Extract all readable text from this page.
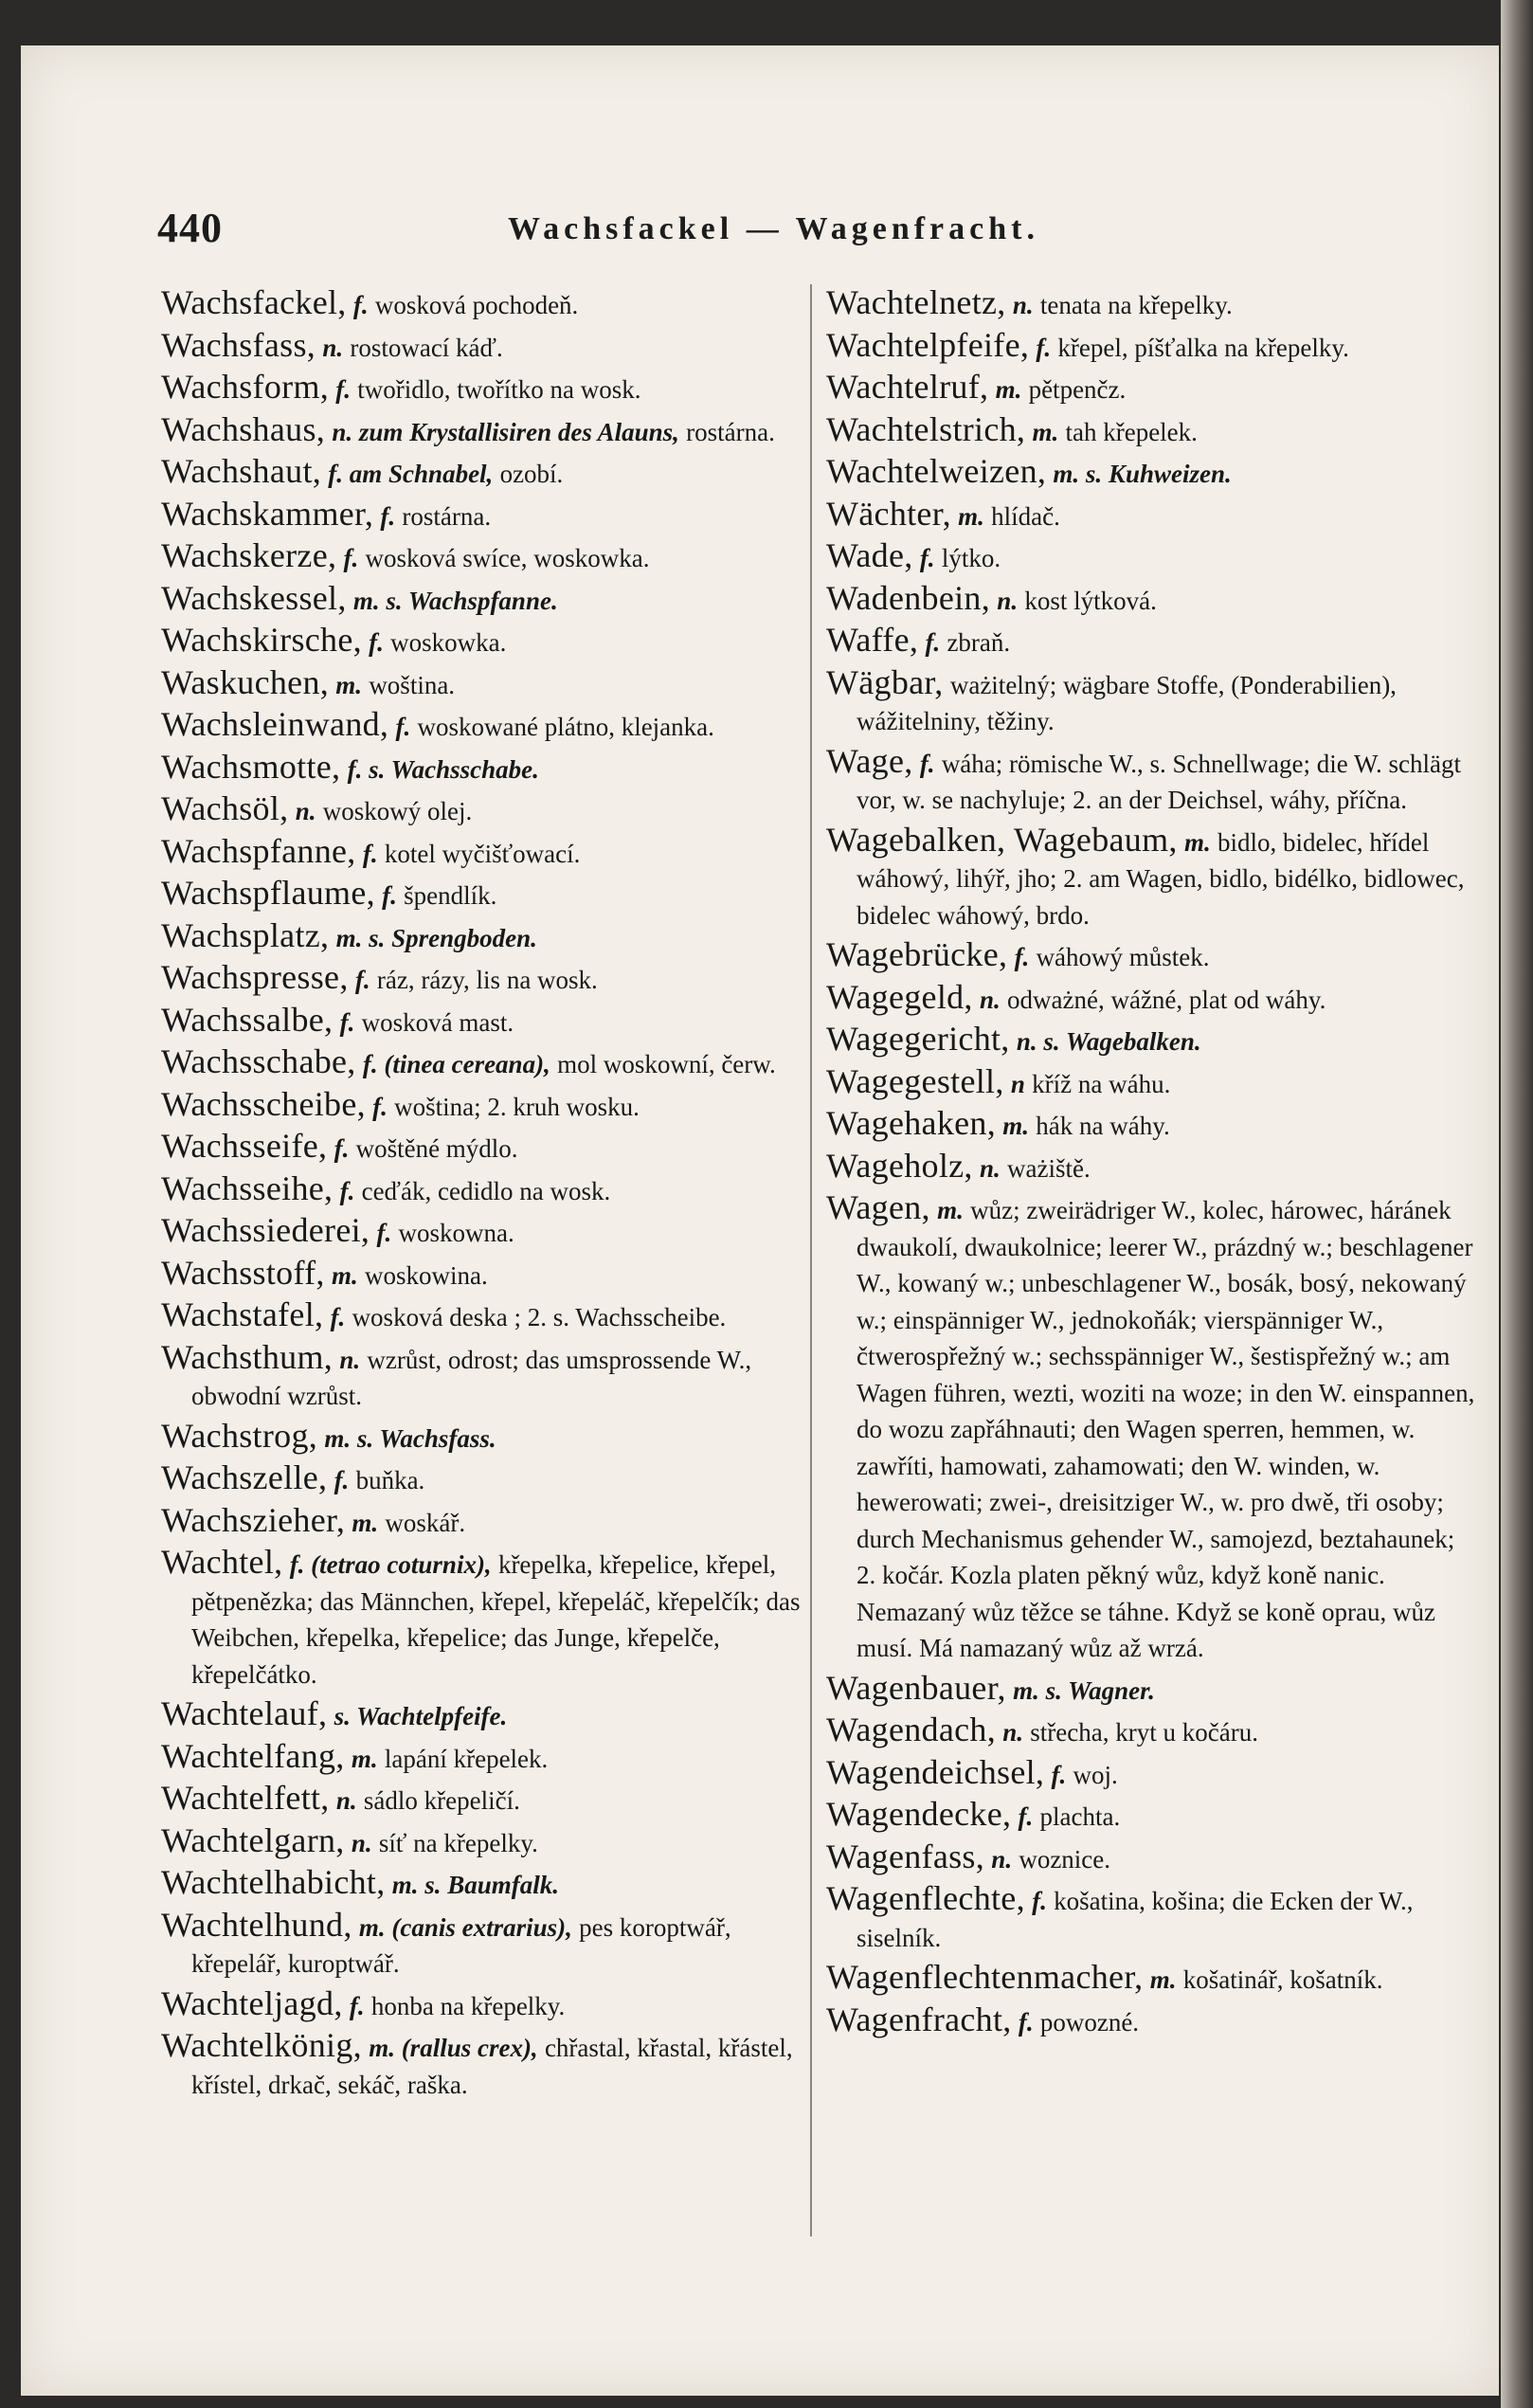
440	Wachsfackel — Wagenfracht.
Wachsfackel, f. wosková pochodeň.
Wachsfass, n. rostowací káď.
Wachsform, f. twořidlo, twořítko na wosk.
Wachshaus, n. zum Krystallisiren des Alauns, rostárna.
Wachshaut, f. am Schnabel, ozobí.
Wachskammer, f. rostárna.
Wachskerze, f. wosková swíce, woskowka.
Wachskessel, m. s. Wachspfanne.
Wachskirsche, f. woskowka.
Waskuchen, m. woština.
Wachsleinwand, f. woskowané plátno, klejanka.
Wachsmotte, f. s. Wachsschabe.
Wachsöl, n. woskowý olej.
Wachspfanne, f. kotel wyčišťowací.
Wachspflaume, f. špendlík.
Wachsplatz, m. s. Sprengboden.
Wachspresse, f. ráz, rázy, lis na wosk.
Wachssalbe, f. wosková mast.
Wachsschabe, f. (tinea cereana), mol woskowní, čerw.
Wachsscheibe, f. woština; 2. kruh wosku.
Wachsseife, f. woštěné mýdlo.
Wachsseihe, f. ceďák, cedidlo na wosk.
Wachssiederei, f. woskowna.
Wachsstoff, m. woskowina.
Wachstafel, f. wosková deska ; 2. s. Wachsscheibe.
Wachsthum, n. wzrůst, odrost; das umsprossende W., obwodní wzrůst.
Wachstrog, m. s. Wachsfass.
Wachszelle, f. buňka.
Wachszieher, m. woskář.
Wachtel, f. (tetrao coturnix), křepelka, křepelice, křepel, pětpenězka; das Männchen, křepel, křepeláč, křepelčík; das Weibchen, křepelka, křepelice; das Junge, křepelče, křepelčátko.
Wachtelauf, s. Wachtelpfeife.
Wachtelfang, m. lapání křepelek.
Wachtelfett, n. sádlo křepeličí.
Wachtelgarn, n. síť na křepelky.
Wachtelhabicht, m. s. Baumfalk.
Wachtelhund, m. (canis extrarius), pes koroptwář, křepelář, kuroptwář.
Wachteljagd, f. honba na křepelky.
Wachtelkönig, m. (rallus crex), chřastal, křastal, křástel, křístel, drkač, sekáč, raška.
Wachtelnetz, n. tenata na křepelky.
Wachtelpfeife, f. křepel, píšťalka na křepelky.
Wachtelruf, m. pětpenčz.
Wachtelstrich, m. tah křepelek.
Wachtelweizen, m. s. Kuhweizen.
Wächter, m. hlídač.
Wade, f. lýtko.
Wadenbein, n. kost lýtková.
Waffe, f. zbraň.
Wägbar, ważitelný; wägbare Stoffe, (Ponderabilien), wážitelniny, těžiny.
Wage, f. wáha; römische W., s. Schnellwage; die W. schlägt vor, w. se nachyluje; 2. an der Deichsel, wáhy, příčna.
Wagebalken, Wagebaum, m. bidlo, bidelec, hřídel wáhowý, lihýř, jho; 2. am Wagen, bidlo, bidélko, bidlowec, bidelec wáhowý, brdo.
Wagebrücke, f. wáhowý můstek.
Wagegeld, n. odważné, wážné, plat od wáhy.
Wagegericht, n. s. Wagebalken.
Wagegestell, n kříž na wáhu.
Wagehaken, m. hák na wáhy.
Wageholz, n. ważiště.
Wagen, m. wůz; zweirädriger W., kolec, hárowec, háránek dwaukolí, dwaukolnice; leerer W., prázdný w.; beschlagener W., kowaný w.; unbeschlagener W., bosák, bosý, nekowaný w.; einspänniger W., jednokoňák; vierspänniger W., čtwerospřežný w.; sechsspänniger W., šestispřežný w.; am Wagen führen, wezti, woziti na woze; in den W. einspannen, do wozu zapřáhnauti; den Wagen sperren, hemmen, w. zawříti, hamowati, zahamowati; den W. winden, w. hewerowati; zwei-, dreisitziger W., w. pro dwě, tři osoby; durch Mechanismus gehender W., samojezd, beztahaunek; 2. kočár. Kozla platen pěkný wůz, když koně nanic. Nemazaný wůz těžce se táhne. Když se koně oprau, wůz musí. Má namazaný wůz až wrzá.
Wagenbauer, m. s. Wagner.
Wagendach, n. střecha, kryt u kočáru.
Wagendeichsel, f. woj.
Wagendecke, f. plachta.
Wagenfass, n. woznice.
Wagenflechte, f. košatina, košina; die Ecken der W., siselník.
Wagenflechtenmacher, m. košatinář, košatník.
Wagenfracht, f. powozné.
